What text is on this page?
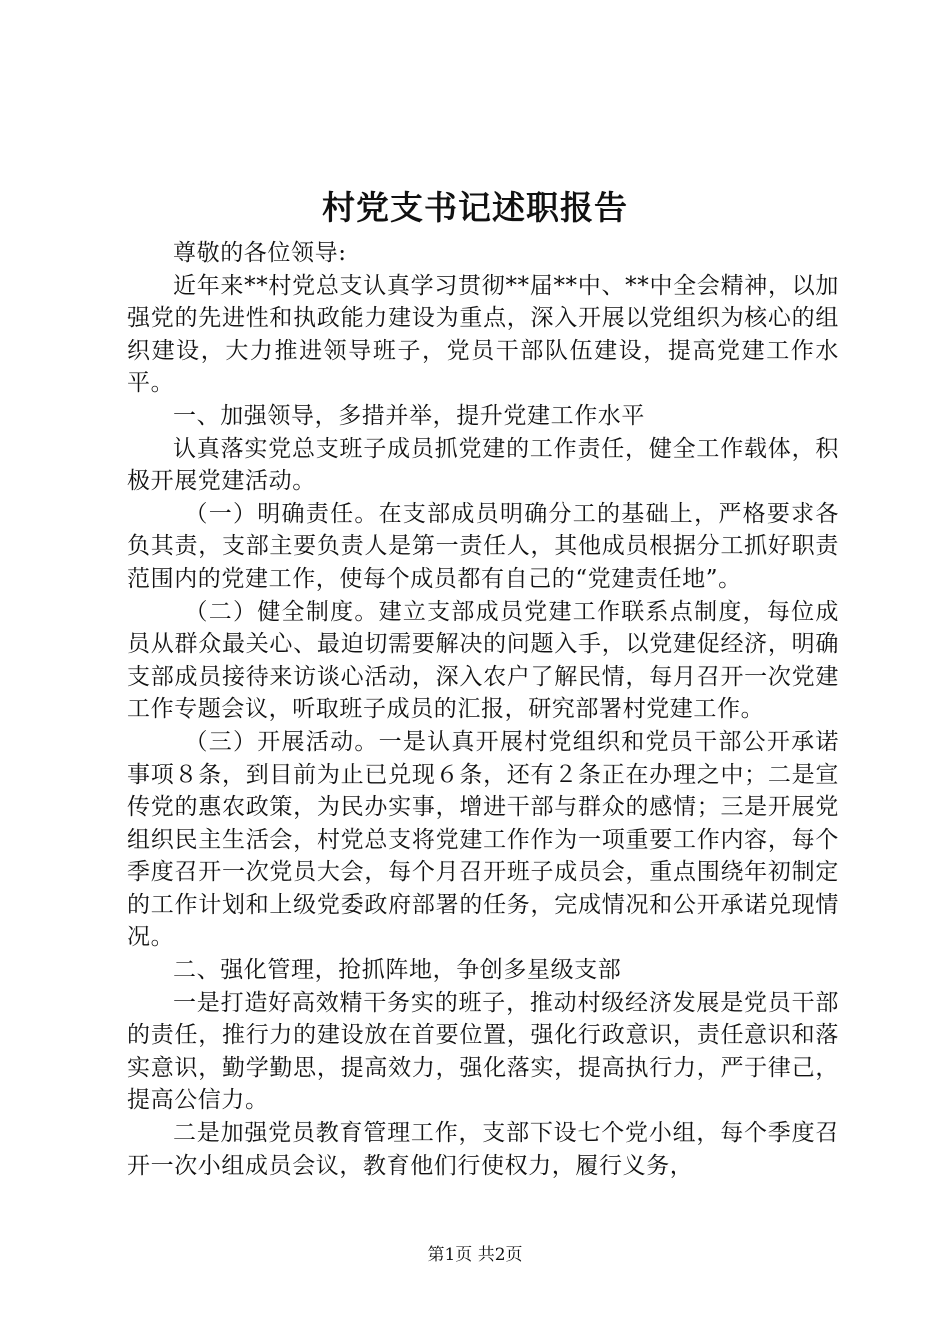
村党支书记述职报告

尊敬的各位领导:

近年来**村党总支认真学习贯彻**届**中、**中全会精神，以加强党的先进性和执政能力建设为重点，深入开展以党组织为核心的组织建设，大力推进领导班子，党员干部队伍建设，提高党建工作水平。

一、加强领导，多措并举，提升党建工作水平

认真落实党总支班子成员抓党建的工作责任，健全工作载体，积极开展党建活动。

（一）明确责任。在支部成员明确分工的基础上，严格要求各负其责，支部主要负责人是第一责任人，其他成员根据分工抓好职责范围内的党建工作，使每个成员都有自己的“党建责任地”。

（二）健全制度。建立支部成员党建工作联系点制度，每位成员从群众最关心、最迫切需要解决的问题入手，以党建促经济，明确支部成员接待来访谈心活动，深入农户了解民情，每月召开一次党建工作专题会议，听取班子成员的汇报，研究部署村党建工作。

（三）开展活动。一是认真开展村党组织和党员干部公开承诺事项８条，到目前为止已兑现６条，还有２条正在办理之中；二是宣传党的惠农政策，为民办实事，增进干部与群众的感情；三是开展党组织民主生活会，村党总支将党建工作作为一项重要工作内容，每个季度召开一次党员大会，每个月召开班子成员会，重点围绕年初制定的工作计划和上级党委政府部署的任务，完成情况和公开承诺兑现情况。

二、强化管理，抢抓阵地，争创多星级支部

一是打造好高效精干务实的班子，推动村级经济发展是党员干部的责任，推行力的建设放在首要位置，强化行政意识，责任意识和落实意识，勤学勤思，提高效力，强化落实，提高执行力，严于律己，提高公信力。

二是加强党员教育管理工作，支部下设七个党小组，每个季度召开一次小组成员会议，教育他们行使权力，履行义务，

第1页 共2页
